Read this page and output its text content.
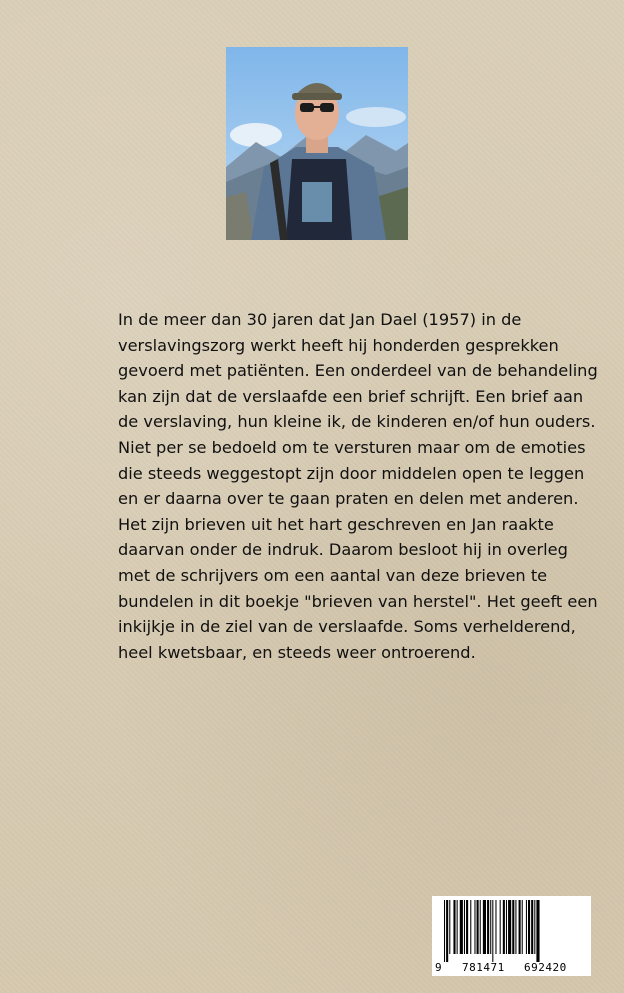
In de meer dan 30 jaren dat Jan Dael (1957) in de verslavingszorg werkt heeft hij honderden gesprekken gevoerd met patiënten. Een onderdeel van de behandeling kan zijn dat de verslaafde een brief schrijft. Een brief aan de verslaving, hun kleine ik, de kinderen en/of hun ouders. Niet per se bedoeld om te versturen maar om de emoties die steeds weggestopt zijn door middelen open te leggen en er daarna over te gaan praten en delen met anderen. Het zijn brieven uit het hart geschreven en Jan raakte daarvan onder de indruk. Daarom besloot hij in overleg met de schrijvers om een aantal van deze brieven te bundelen in dit boekje "brieven van herstel". Het geeft een inkijkje in de ziel van de verslaafde. Soms verhelderend, heel kwetsbaar, en steeds weer ontroerend.

9 781471 692420
